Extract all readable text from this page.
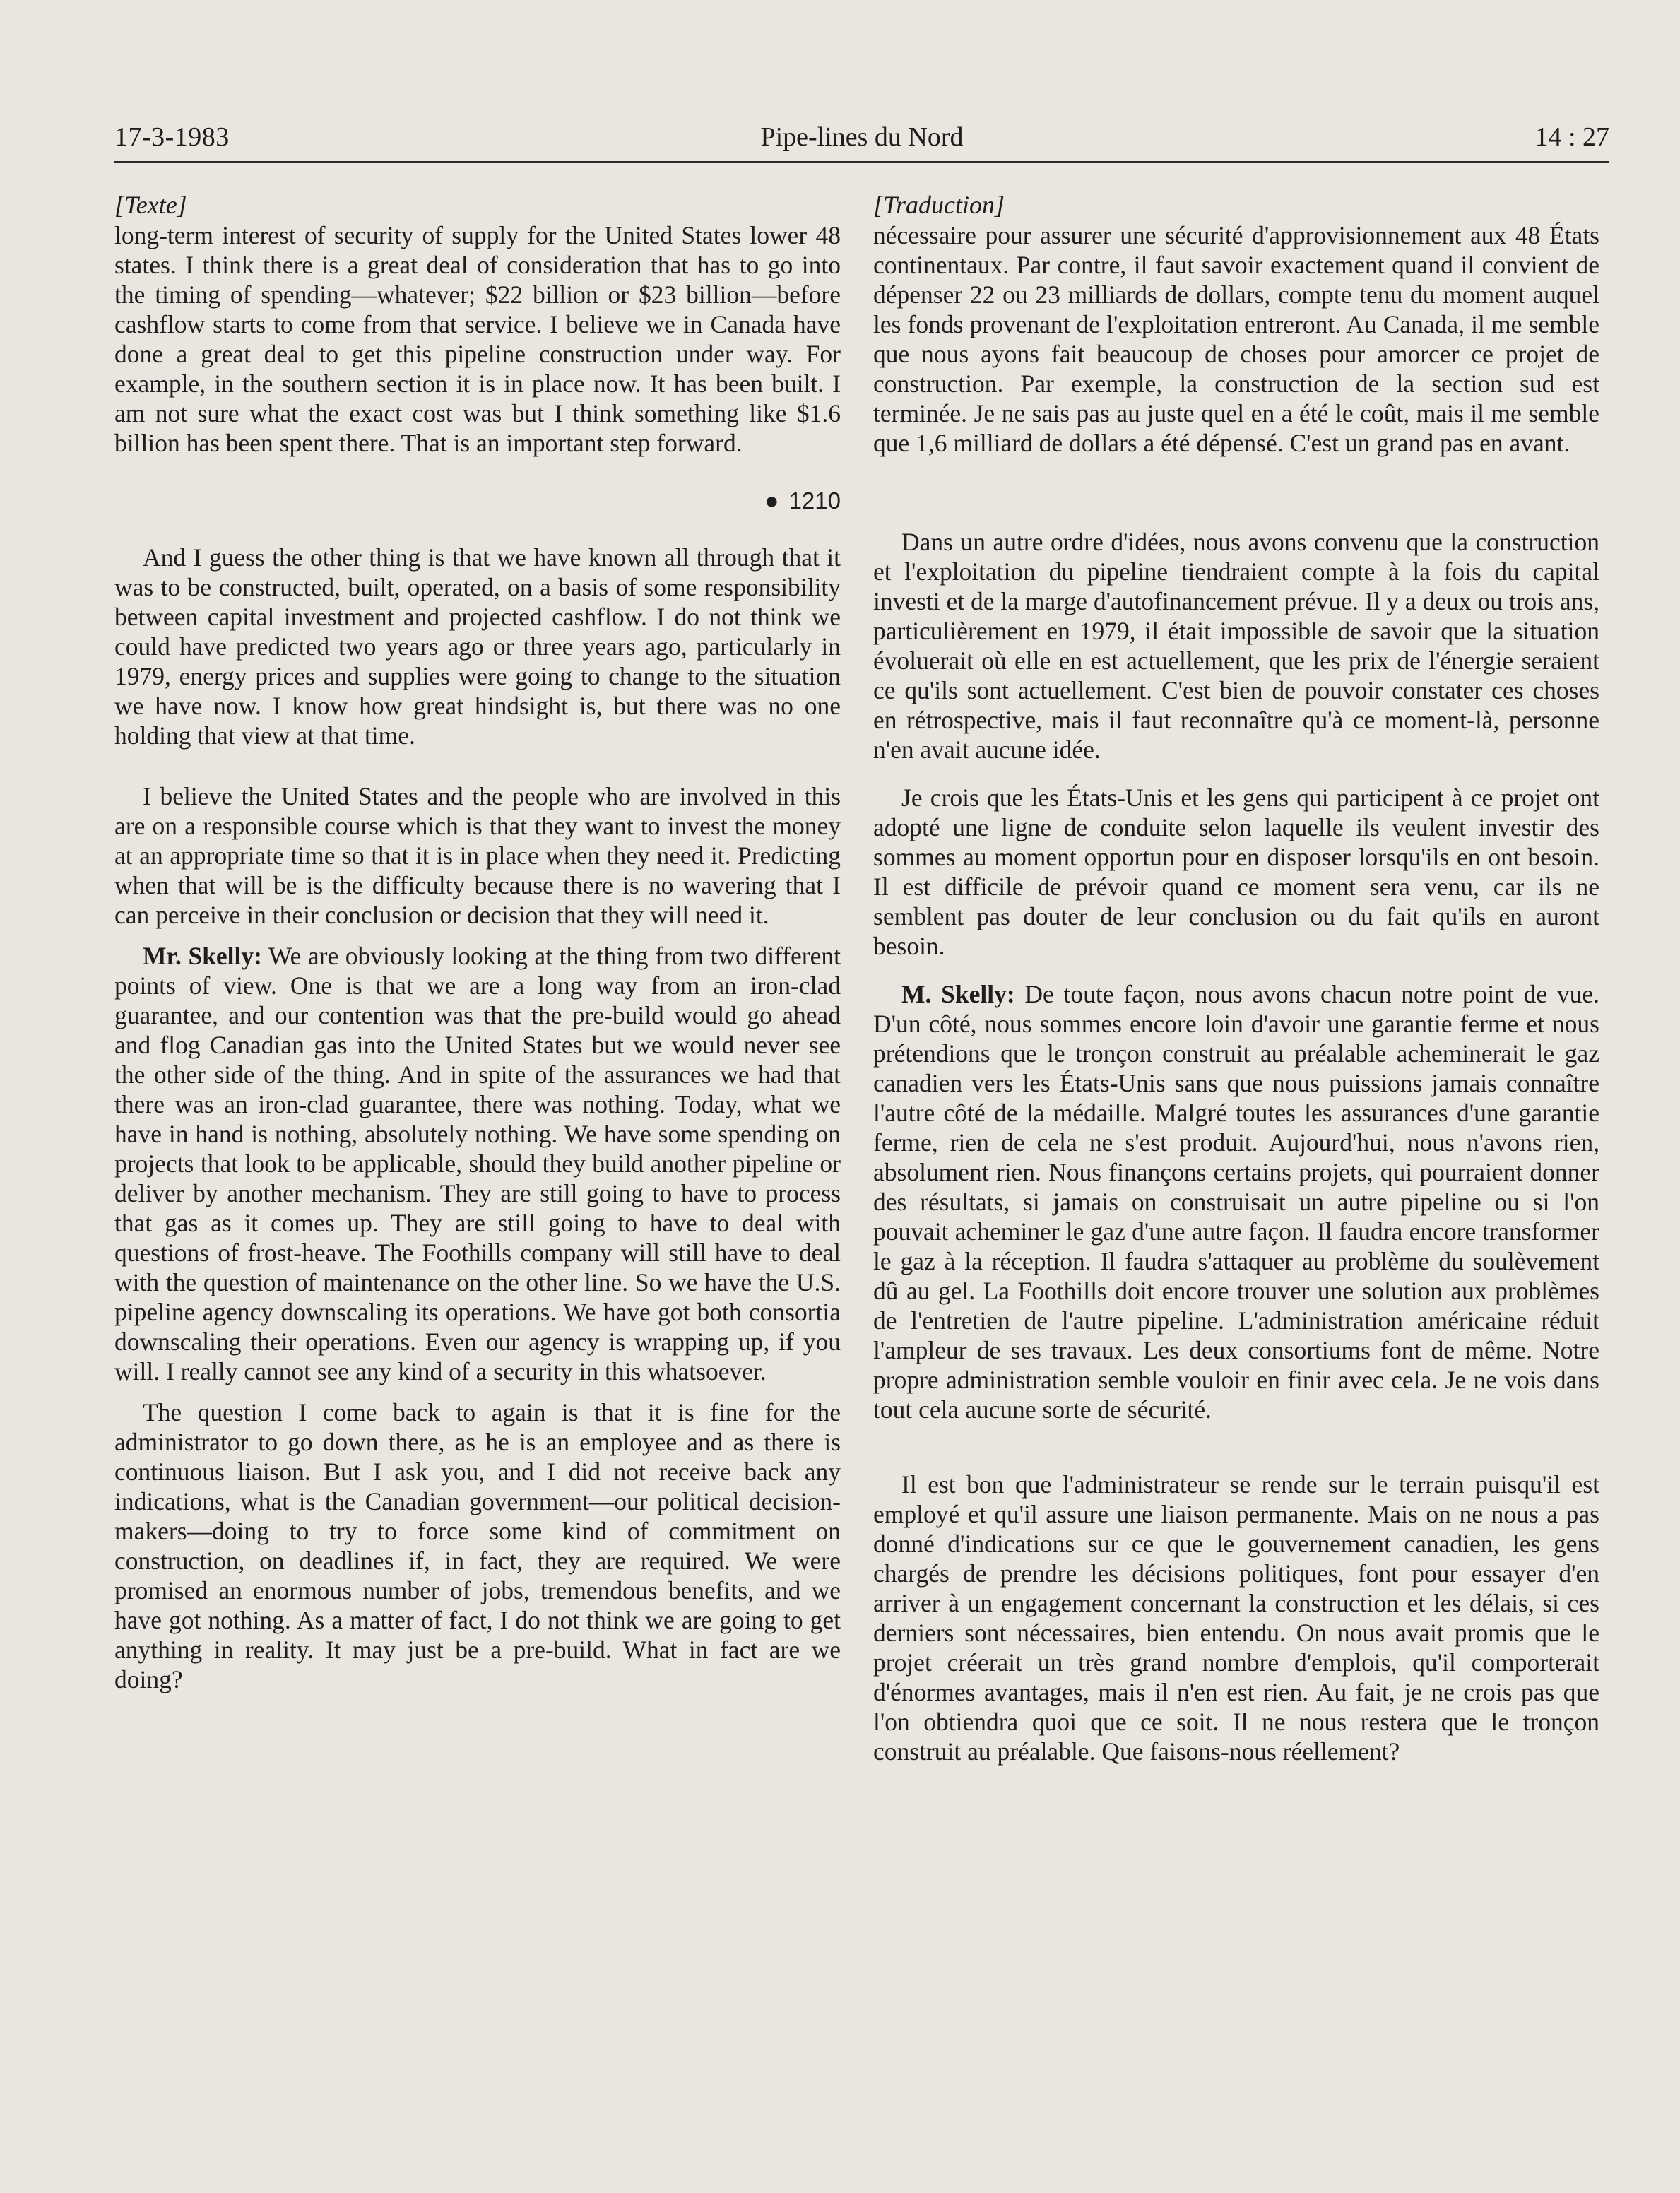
17-3-1983	Pipe-lines du Nord	14 : 27
[Texte]

long-term interest of security of supply for the United States lower 48 states. I think there is a great deal of consideration that has to go into the timing of spending—whatever; $22 billion or $23 billion—before cashflow starts to come from that service. I believe we in Canada have done a great deal to get this pipeline construction under way. For example, in the southern section it is in place now. It has been built. I am not sure what the exact cost was but I think something like $1.6 billion has been spent there. That is an important step forward.

● 1210

And I guess the other thing is that we have known all through that it was to be constructed, built, operated, on a basis of some responsibility between capital investment and projected cashflow. I do not think we could have predicted two years ago or three years ago, particularly in 1979, energy prices and supplies were going to change to the situation we have now. I know how great hindsight is, but there was no one holding that view at that time.

I believe the United States and the people who are involved in this are on a responsible course which is that they want to invest the money at an appropriate time so that it is in place when they need it. Predicting when that will be is the difficulty because there is no wavering that I can perceive in their conclusion or decision that they will need it.

Mr. Skelly: We are obviously looking at the thing from two different points of view. One is that we are a long way from an iron-clad guarantee, and our contention was that the pre-build would go ahead and flog Canadian gas into the United States but we would never see the other side of the thing. And in spite of the assurances we had that there was an iron-clad guarantee, there was nothing. Today, what we have in hand is nothing, absolutely nothing. We have some spending on projects that look to be applicable, should they build another pipeline or deliver by another mechanism. They are still going to have to process that gas as it comes up. They are still going to have to deal with questions of frost-heave. The Foothills company will still have to deal with the question of maintenance on the other line. So we have the U.S. pipeline agency downscaling its operations. We have got both consortia downscaling their operations. Even our agency is wrapping up, if you will. I really cannot see any kind of a security in this whatsoever.

The question I come back to again is that it is fine for the administrator to go down there, as he is an employee and as there is continuous liaison. But I ask you, and I did not receive back any indications, what is the Canadian government—our political decision-makers—doing to try to force some kind of commitment on construction, on deadlines if, in fact, they are required. We were promised an enormous number of jobs, tremendous benefits, and we have got nothing. As a matter of fact, I do not think we are going to get anything in reality. It may just be a pre-build. What in fact are we doing?

[Traduction]

nécessaire pour assurer une sécurité d'approvisionnement aux 48 États continentaux. Par contre, il faut savoir exactement quand il convient de dépenser 22 ou 23 milliards de dollars, compte tenu du moment auquel les fonds provenant de l'exploitation entreront. Au Canada, il me semble que nous ayons fait beaucoup de choses pour amorcer ce projet de construction. Par exemple, la construction de la section sud est terminée. Je ne sais pas au juste quel en a été le coût, mais il me semble que 1,6 milliard de dollars a été dépensé. C'est un grand pas en avant.

Dans un autre ordre d'idées, nous avons convenu que la construction et l'exploitation du pipeline tiendraient compte à la fois du capital investi et de la marge d'autofinancement prévue. Il y a deux ou trois ans, particulièrement en 1979, il était impossible de savoir que la situation évoluerait où elle en est actuellement, que les prix de l'énergie seraient ce qu'ils sont actuellement. C'est bien de pouvoir constater ces choses en rétrospective, mais il faut reconnaître qu'à ce moment-là, personne n'en avait aucune idée.

Je crois que les États-Unis et les gens qui participent à ce projet ont adopté une ligne de conduite selon laquelle ils veulent investir des sommes au moment opportun pour en disposer lorsqu'ils en ont besoin. Il est difficile de prévoir quand ce moment sera venu, car ils ne semblent pas douter de leur conclusion ou du fait qu'ils en auront besoin.

M. Skelly: De toute façon, nous avons chacun notre point de vue. D'un côté, nous sommes encore loin d'avoir une garantie ferme et nous prétendions que le tronçon construit au préalable acheminerait le gaz canadien vers les États-Unis sans que nous puissions jamais connaître l'autre côté de la médaille. Malgré toutes les assurances d'une garantie ferme, rien de cela ne s'est produit. Aujourd'hui, nous n'avons rien, absolument rien. Nous finançons certains projets, qui pourraient donner des résultats, si jamais on construisait un autre pipeline ou si l'on pouvait acheminer le gaz d'une autre façon. Il faudra encore transformer le gaz à la réception. Il faudra s'attaquer au problème du soulèvement dû au gel. La Foothills doit encore trouver une solution aux problèmes de l'entretien de l'autre pipeline. L'administration américaine réduit l'ampleur de ses travaux. Les deux consortiums font de même. Notre propre administration semble vouloir en finir avec cela. Je ne vois dans tout cela aucune sorte de sécurité.

Il est bon que l'administrateur se rende sur le terrain puisqu'il est employé et qu'il assure une liaison permanente. Mais on ne nous a pas donné d'indications sur ce que le gouvernement canadien, les gens chargés de prendre les décisions politiques, font pour essayer d'en arriver à un engagement concernant la construction et les délais, si ces derniers sont nécessaires, bien entendu. On nous avait promis que le projet créerait un très grand nombre d'emplois, qu'il comporterait d'énormes avantages, mais il n'en est rien. Au fait, je ne crois pas que l'on obtiendra quoi que ce soit. Il ne nous restera que le tronçon construit au préalable. Que faisons-nous réellement?
